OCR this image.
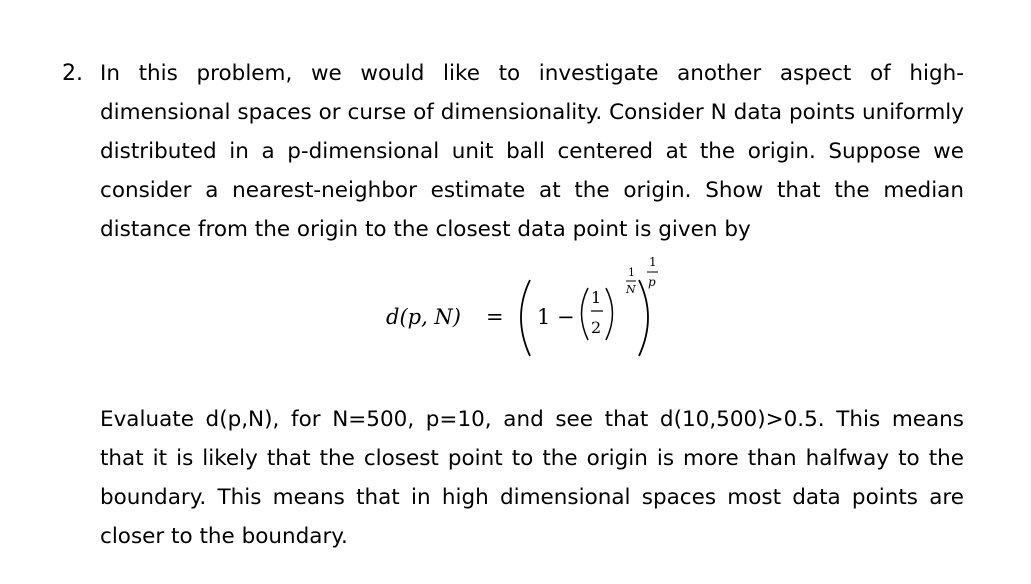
2. In this problem, we would like to investigate another aspect of high-dimensional spaces or curse of dimensionality. Consider N data points uniformly distributed in a p-dimensional unit ball centered at the origin. Suppose we consider a nearest-neighbor estimate at the origin. Show that the median distance from the origin to the closest data point is given by
d(p, N) = 1 −
1
2
1
N
1
p
Evaluate d(p,N), for N=500, p=10, and see that d(10,500)>0.5. This means that it is likely that the closest point to the origin is more than halfway to the boundary. This means that in high dimensional spaces most data points are closer to the boundary.
